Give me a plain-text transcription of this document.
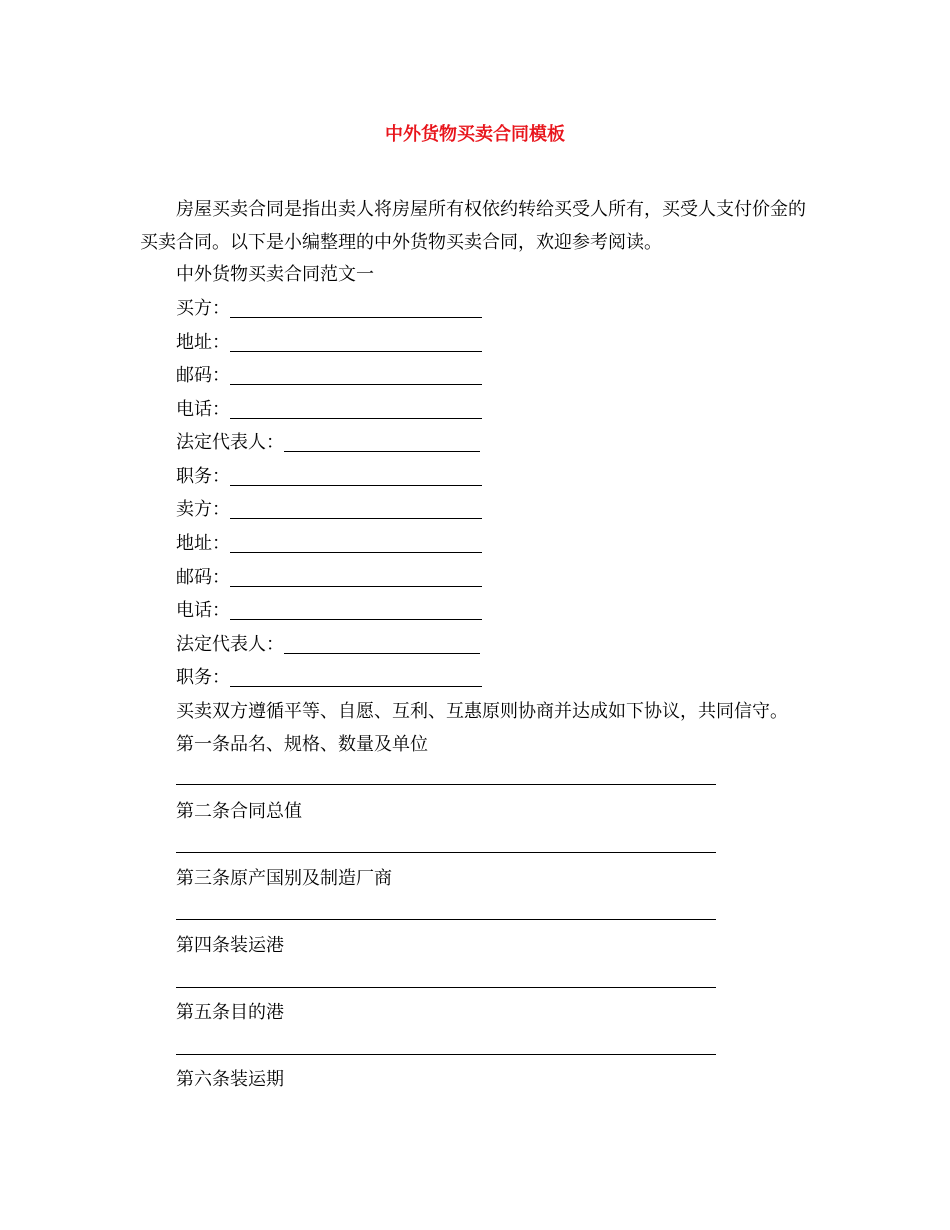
中外货物买卖合同模板

房屋买卖合同是指出卖人将房屋所有权依约转给买受人所有，买受人支付价金的买卖合同。以下是小编整理的中外货物买卖合同，欢迎参考阅读。

中外货物买卖合同范文一
买方：
地址：
邮码：
电话：
法定代表人：
职务：
卖方：
地址：
邮码：
电话：
法定代表人：
职务：
买卖双方遵循平等、自愿、互利、互惠原则协商并达成如下协议，共同信守。
第一条品名、规格、数量及单位
第二条合同总值
第三条原产国别及制造厂商
第四条装运港
第五条目的港
第六条装运期
